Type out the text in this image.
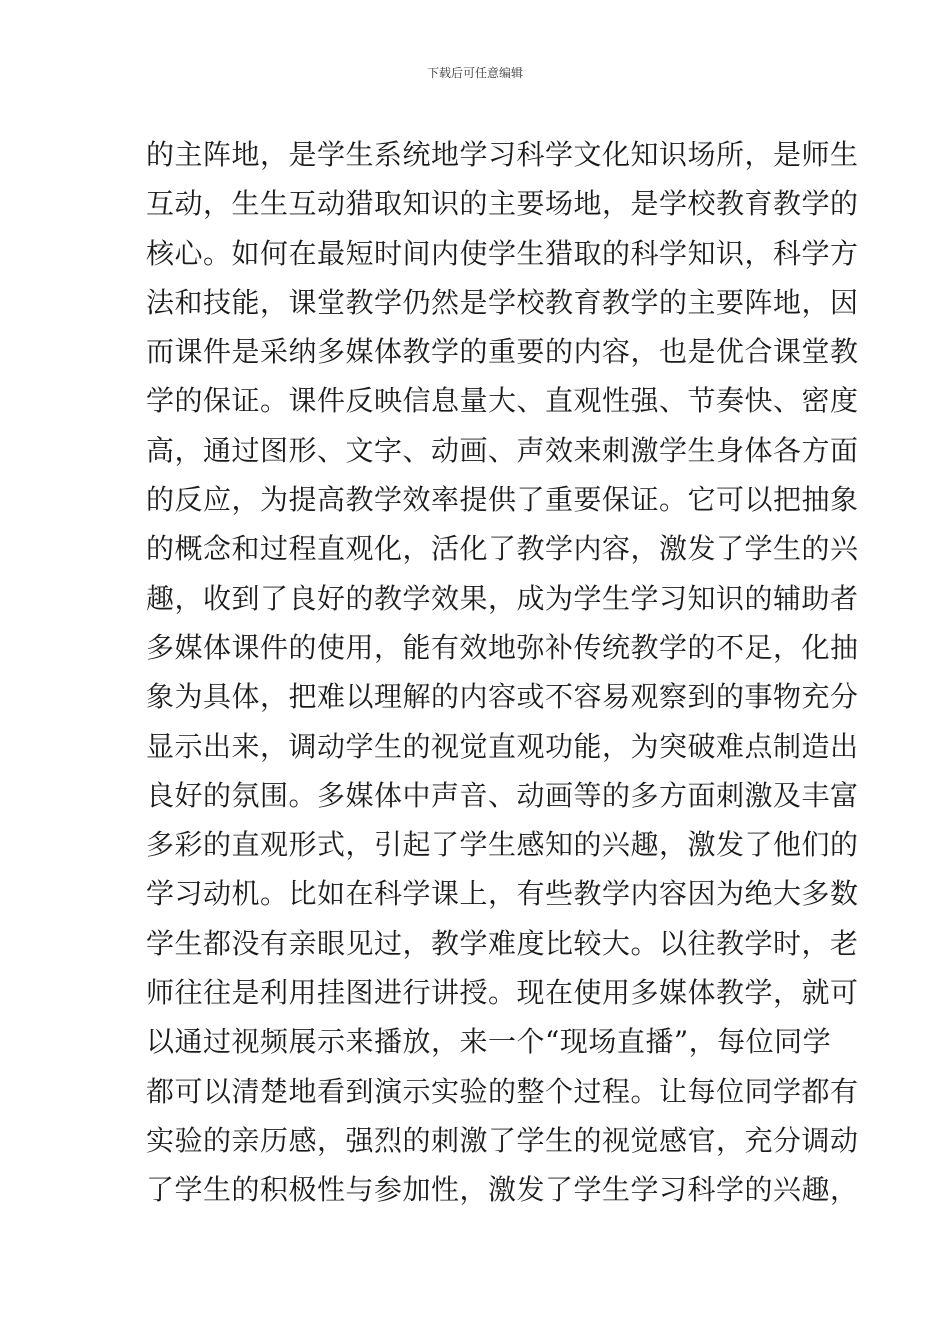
下载后可任意编辑
的主阵地，是学生系统地学习科学文化知识场所，是师生
互动，生生互动猎取知识的主要场地，是学校教育教学的
核心。如何在最短时间内使学生猎取的科学知识，科学方
法和技能，课堂教学仍然是学校教育教学的主要阵地，因
而课件是采纳多媒体教学的重要的内容，也是优合课堂教
学的保证。课件反映信息量大、直观性强、节奏快、密度
高，通过图形、文字、动画、声效来刺激学生身体各方面
的反应，为提高教学效率提供了重要保证。它可以把抽象
的概念和过程直观化，活化了教学内容，激发了学生的兴
趣，收到了良好的教学效果，成为学生学习知识的辅助者
多媒体课件的使用，能有效地弥补传统教学的不足，化抽
象为具体，把难以理解的内容或不容易观察到的事物充分
显示出来，调动学生的视觉直观功能，为突破难点制造出
良好的氛围。多媒体中声音、动画等的多方面刺激及丰富
多彩的直观形式，引起了学生感知的兴趣，激发了他们的
学习动机。比如在科学课上，有些教学内容因为绝大多数
学生都没有亲眼见过，教学难度比较大。以往教学时，老
师往往是利用挂图进行讲授。现在使用多媒体教学，就可
以通过视频展示来播放，来一个“现场直播”，每位同学
都可以清楚地看到演示实验的整个过程。让每位同学都有
实验的亲历感，强烈的刺激了学生的视觉感官，充分调动
了学生的积极性与参加性，激发了学生学习科学的兴趣，
